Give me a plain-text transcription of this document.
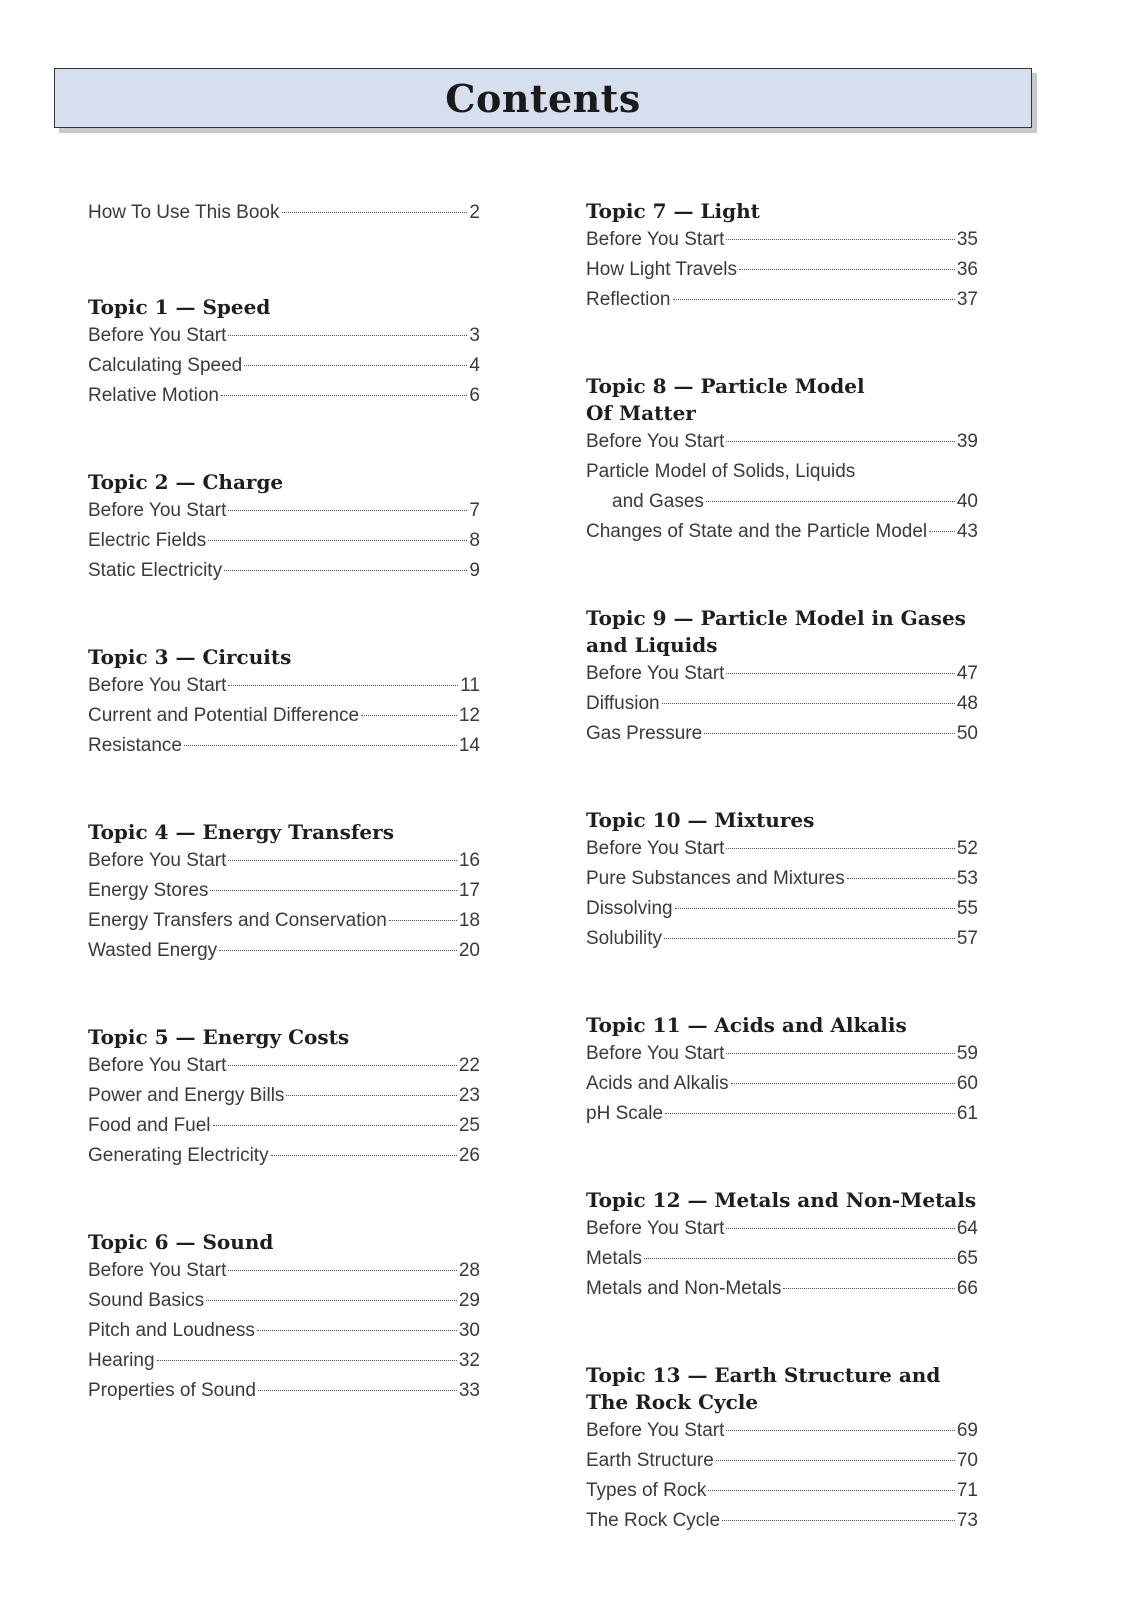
Contents
How To Use This Book	2
Topic 1 — Speed
Before You Start	3
Calculating Speed	4
Relative Motion	6
Topic 2 — Charge
Before You Start	7
Electric Fields	8
Static Electricity	9
Topic 3 — Circuits
Before You Start	11
Current and Potential Difference	12
Resistance	14
Topic 4 — Energy Transfers
Before You Start	16
Energy Stores	17
Energy Transfers and Conservation	18
Wasted Energy	20
Topic 5 — Energy Costs
Before You Start	22
Power and Energy Bills	23
Food and Fuel	25
Generating Electricity	26
Topic 6 — Sound
Before You Start	28
Sound Basics	29
Pitch and Loudness	30
Hearing	32
Properties of Sound	33
Topic 7 — Light
Before You Start	35
How Light Travels	36
Reflection	37
Topic 8 — Particle Model
Of Matter
Before You Start	39
Particle Model of Solids, Liquids
and Gases	40
Changes of State and the Particle Model 43
Topic 9 — Particle Model in Gases
and Liquids
Before You Start	47
Diffusion	48
Gas Pressure	50
Topic 10 — Mixtures
Before You Start	52
Pure Substances and Mixtures	53
Dissolving	55
Solubility	57
Topic 11 — Acids and Alkalis
Before You Start	59
Acids and Alkalis	60
pH Scale	61
Topic 12 — Metals and Non-Metals
Before You Start	64
Metals	65
Metals and Non-Metals	66
Topic 13 — Earth Structure and
The Rock Cycle
Before You Start	69
Earth Structure	70
Types of Rock	71
The Rock Cycle	73
